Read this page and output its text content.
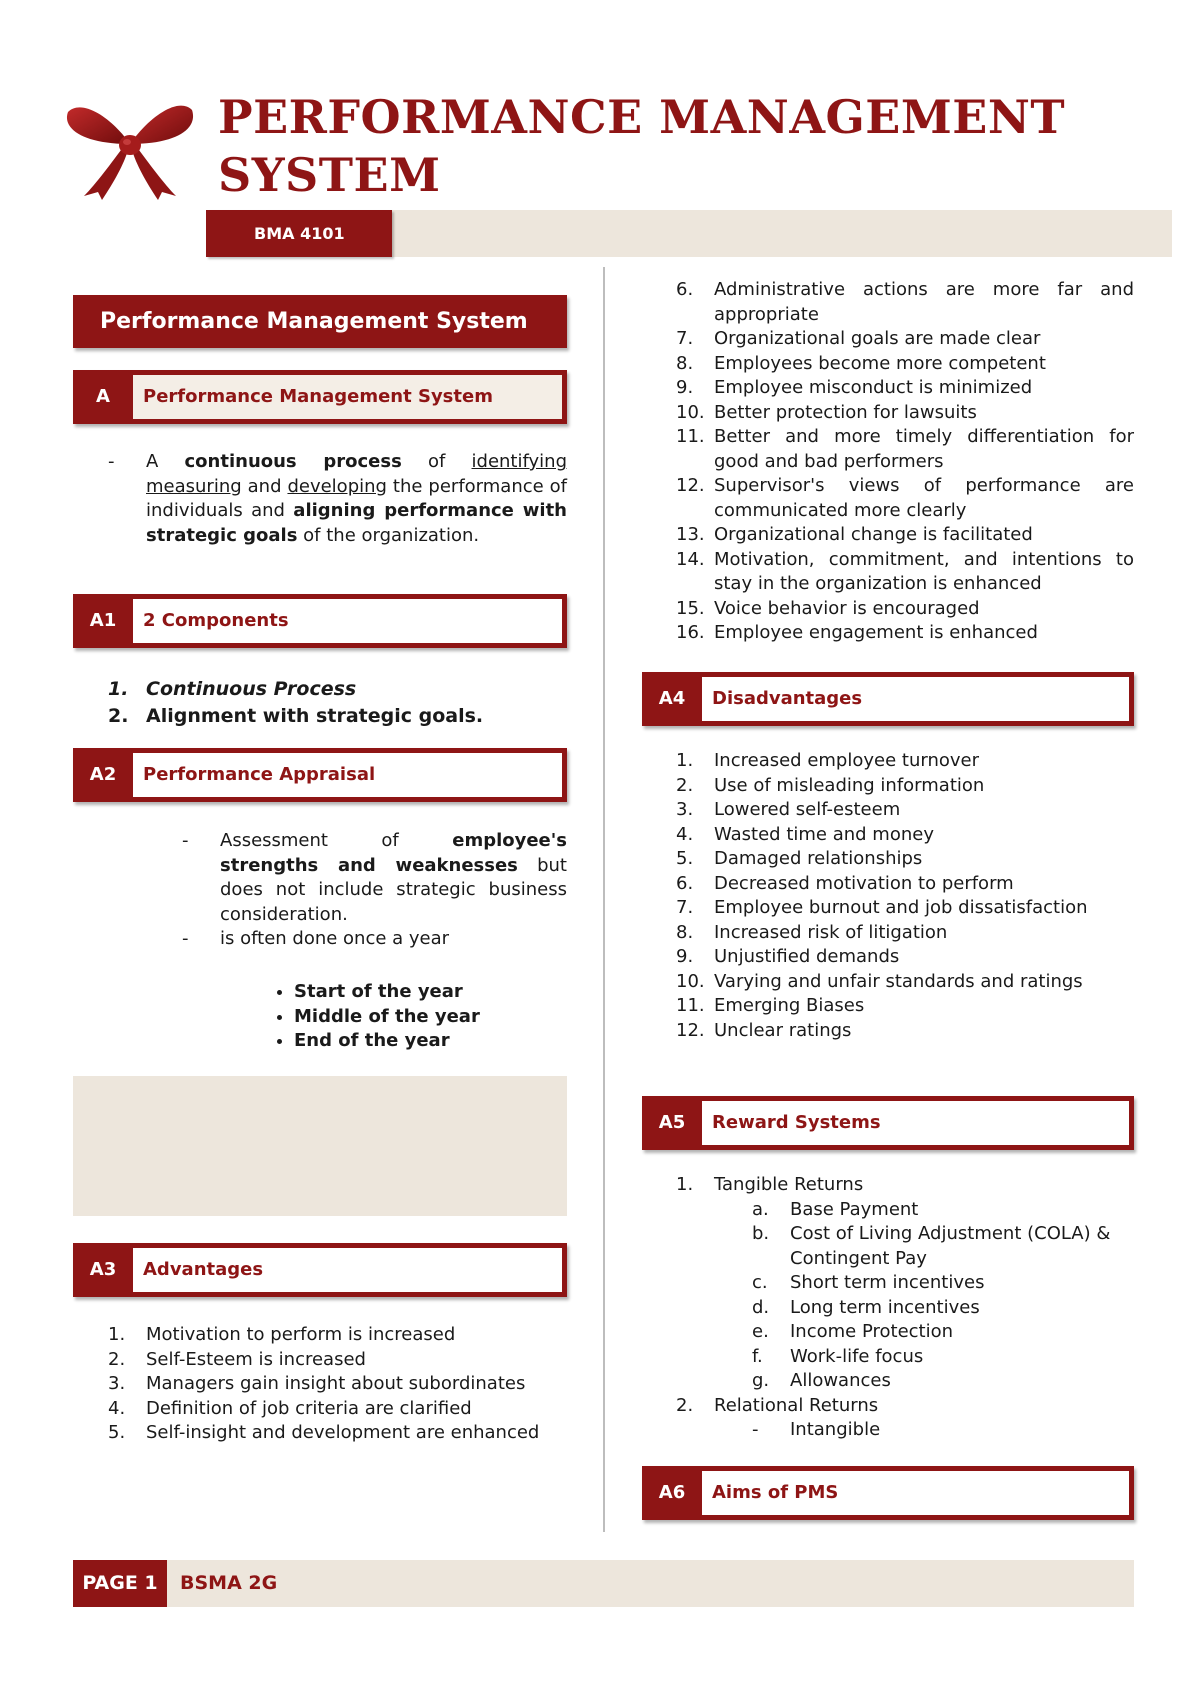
PERFORMANCE MANAGEMENT
SYSTEM
BMA 4101
Performance Management System
A	Performance Management System
-	A continuous process of identifying measuring and developing the performance of individuals and aligning performance with strategic goals of the organization.
A1	2 Components
1. Continuous Process
2. Alignment with strategic goals.
A2	Performance Appraisal
- Assessment of employee's strengths and weaknesses but does not include strategic business consideration.
- is often done once a year
• Start of the year
• Middle of the year
• End of the year
A3	Advantages
1. Motivation to perform is increased
2. Self-Esteem is increased
3. Managers gain insight about subordinates
4. Definition of job criteria are clarified
5. Self-insight and development are enhanced
6. Administrative actions are more far and appropriate
7. Organizational goals are made clear
8. Employees become more competent
9. Employee misconduct is minimized
10. Better protection for lawsuits
11. Better and more timely differentiation for good and bad performers
12. Supervisor's views of performance are communicated more clearly
13. Organizational change is facilitated
14. Motivation, commitment, and intentions to stay in the organization is enhanced
15. Voice behavior is encouraged
16. Employee engagement is enhanced
A4	Disadvantages
1. Increased employee turnover
2. Use of misleading information
3. Lowered self-esteem
4. Wasted time and money
5. Damaged relationships
6. Decreased motivation to perform
7. Employee burnout and job dissatisfaction
8. Increased risk of litigation
9. Unjustified demands
10. Varying and unfair standards and ratings
11. Emerging Biases
12. Unclear ratings
A5	Reward Systems
1. Tangible Returns
a. Base Payment
b. Cost of Living Adjustment (COLA) & Contingent Pay
c. Short term incentives
d. Long term incentives
e. Income Protection
f. Work-life focus
g. Allowances
2. Relational Returns
- Intangible
A6	Aims of PMS
PAGE 1	BSMA 2G
